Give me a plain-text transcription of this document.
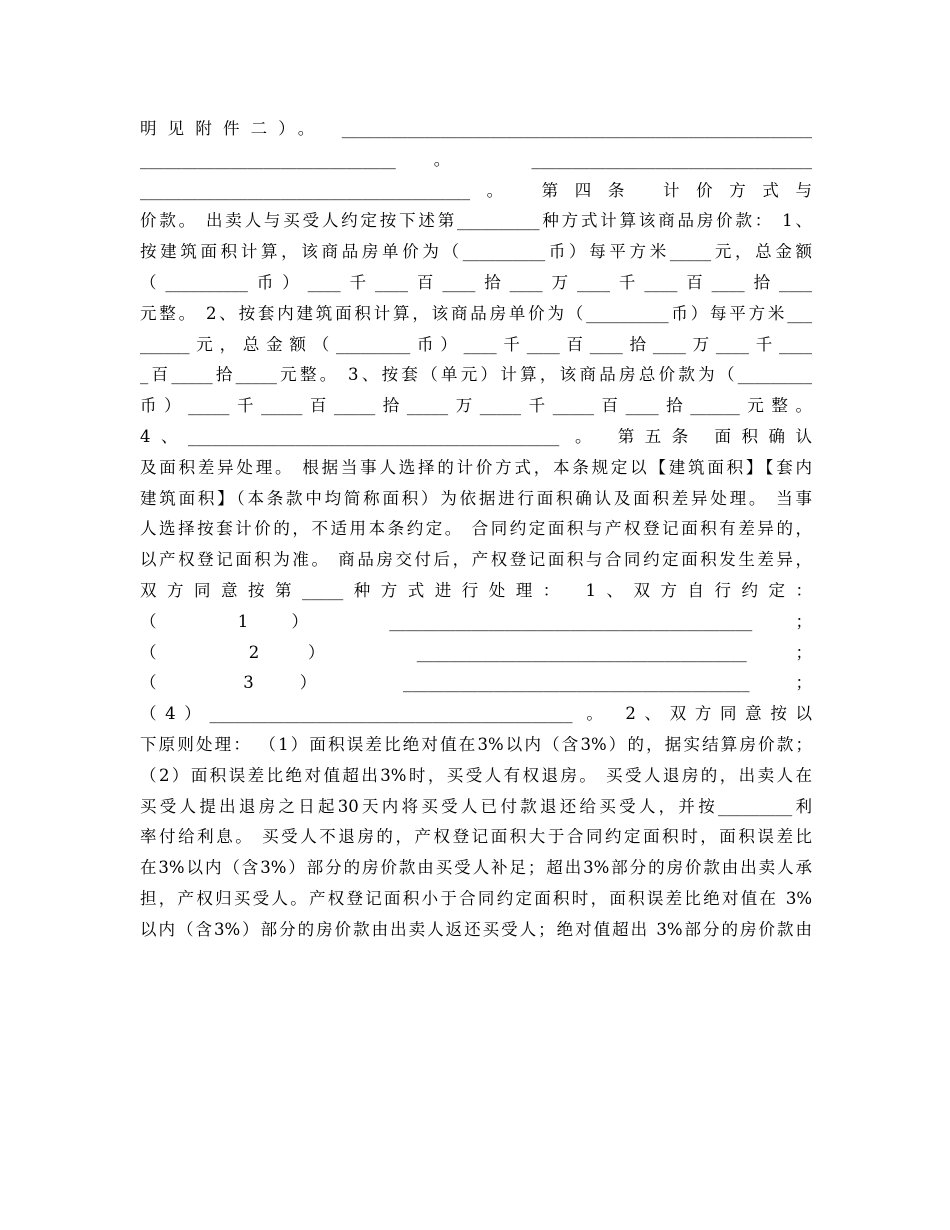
明见附件二）。 _________________________________________________________
_______________________________。 __________________________________
________________________________________。 第四条 计价方式与
价款。 出卖人与买受人约定按下述第__________种方式计算该商品房价款： 1、
按建筑面积计算，该商品房单价为（__________币）每平方米_____元，总金额
（__________币）____千____百____拾____万____千____百____拾____
元整。 2、按套内建筑面积计算，该商品房单价为（__________币）每平方米___
______元，总金额（_________币）____千____百____拾____万____千____
_百_____拾_____元整。 3、按套（单元）计算，该商品房总价款为（_________
币）_____千_____百_____拾_____万_____千_____百____拾______元整。
4、_____________________________________________ 。 第五条 面积确认
及面积差异处理。 根据当事人选择的计价方式，本条规定以【建筑面积】【套内
建筑面积】（本条款中均简称面积）为依据进行面积确认及面积差异处理。 当事
人选择按套计价的，不适用本条约定。 合同约定面积与产权登记面积有差异的，
以产权登记面积为准。 商品房交付后，产权登记面积与合同约定面积发生差异，
双方同意按第_____种方式进行处理： 1、双方自行约定：
（ 1 ） ____________________________________________ ；
（ 2 ） ________________________________________ ；
（ 3 ） __________________________________________ ；
（4）____________________________________________ 。 2、双方同意按以
下原则处理： （1）面积误差比绝对值在3%以内（含3%）的，据实结算房价款；
（2）面积误差比绝对值超出3%时，买受人有权退房。 买受人退房的，出卖人在
买受人提出退房之日起30天内将买受人已付款退还给买受人，并按_________利
率付给利息。 买受人不退房的，产权登记面积大于合同约定面积时，面积误差比
在3%以内（含3%）部分的房价款由买受人补足；超出3%部分的房价款由出卖人承
担，产权归买受人。产权登记面积小于合同约定面积时，面积误差比绝对值在 3%
以内（含3%）部分的房价款由出卖人返还买受人；绝对值超出 3%部分的房价款由
